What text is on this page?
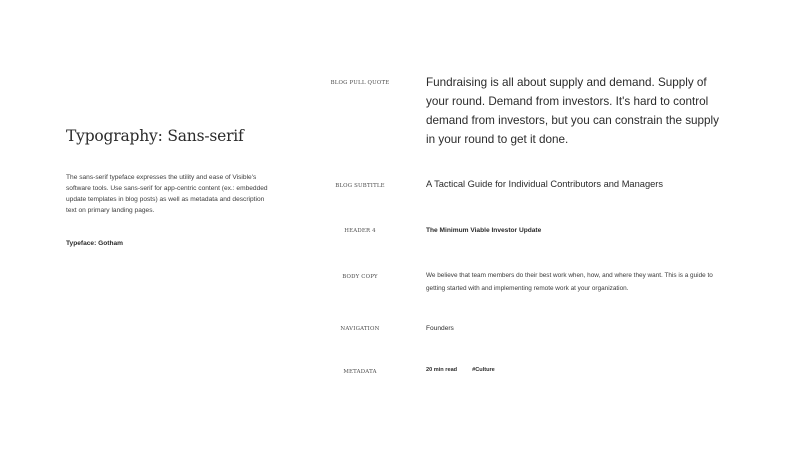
Typography: Sans-serif

The sans-serif typeface expresses the utility and ease of Visible's software tools. Use sans-serif for app-centric content (ex.: embedded update templates in blog posts) as well as metadata and description text on primary landing pages.

Typeface: Gotham

BLOG PULL QUOTE	Fundraising is all about supply and demand. Supply of your round. Demand from investors. It's hard to control demand from investors, but you can constrain the supply in your round to get it done.

BLOG SUBTITLE	A Tactical Guide for Individual Contributors and Managers

HEADER 4	The Minimum Viable Investor Update

BODY COPY	We believe that team members do their best work when, how, and where they want. This is a guide to getting started with and implementing remote work at your organization.

NAVIGATION	Founders

METADATA	20 min read	#Culture
